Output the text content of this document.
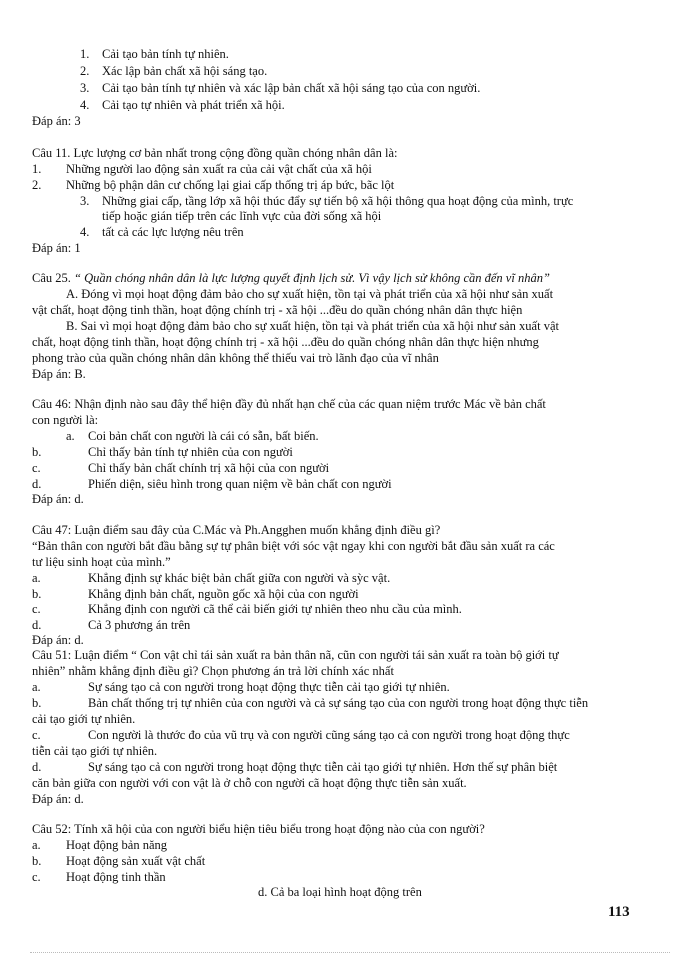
1. Cải tạo bản tính tự nhiên.
2. Xác lập bản chất xã hội sáng tạo.
3. Cải tạo bản tính tự nhiên và xác lập bản chất xã hội sáng tạo của con người.
4. Cải tạo tự nhiên và phát triển xã hội.
Đáp án: 3
Câu 11. Lực lượng cơ bản nhất trong cộng đồng quần chóng nhân dân là:
1. Những người lao động sản xuất ra của cải vật chất của xã hội
2. Những bộ phận dân cư chống lại giai cấp thống trị áp bức, bãc lột
3. Những giai cấp, tầng lớp xã hội thúc đẩy sự tiến bộ xã hội thông qua hoạt động của mình, trực
tiếp hoặc gián tiếp trên các lĩnh vực của đời sống xã hội
4. tất cả các lực lượng nêu trên
Đáp án: 1
Câu 25. “ Quần chóng nhân dân là lực lượng quyết định lịch sử. Vì vậy lịch sử không cần đến vĩ nhân”
A. Đóng vì mọi hoạt động đảm bảo cho sự xuất hiện, tồn tại và phát triển của xã hội như sản xuất
vật chất, hoạt động tinh thần, hoạt động chính trị - xã hội ...đều do quần chóng nhân dân thực hiện
B. Sai vì mọi hoạt động đảm bảo cho sự xuất hiện, tồn tại và phát triển của xã hội như sản xuất vật
chất, hoạt động tinh thần, hoạt động chính trị - xã hội ...đều do quần chóng nhân dân thực hiện nhưng
phong trào của quần chóng nhân dân không thể thiếu vai trò lãnh đạo của vĩ nhân
Đáp án: B.
Câu 46: Nhận định nào sau đây thể hiện đầy đủ nhất hạn chế của các quan niệm trước Mác về bản chất
con người là:
a. Coi bản chất con người là cái có sẵn, bất biến.
b.	Chỉ thấy bản tính tự nhiên của con người
c.	Chỉ thấy bản chất chính trị xã hội của con người
d.	Phiến diện, siêu hình trong quan niệm về bản chất con người
Đáp án: d.
Câu 47: Luận điểm sau đây của C.Mác và Ph.Angghen muốn khẳng định điều gì?
“Bản thân con người bắt đầu bằng sự tự phân biệt với sóc vật ngay khi con người bắt đầu sản xuất ra các
tư liệu sinh hoạt của mình.”
a.	Khẳng định sự khác biệt bản chất giữa con người và sỳc vật.
b.	Khẳng định bản chất, nguồn gốc xã hội của con người
c.	Khẳng định con người cã thể cải biến giới tự nhiên theo nhu cầu của mình.
d.	Cả 3 phương án trên
Đáp án: d.
Câu 51: Luận điểm “ Con vật chỉ tái sản xuất ra bản thân nã, cũn con người tái sản xuất ra toàn bộ giới tự
nhiên” nhằm khẳng định điều gì? Chọn phương án trả lời chính xác nhất
a.	Sự sáng tạo cả con người trong hoạt động thực tiễn cải tạo giới tự nhiên.
b.	Bản chất thống trị tự nhiên của con người và cả sự sáng tạo của con người trong hoạt động thực tiễn
cải tạo giới tự nhiên.
c.	Con người là thước đo của vũ trụ và con người cũng sáng tạo cả con người trong hoạt động thực
tiễn cải tạo giới tự nhiên.
d.	Sự sáng tạo cả con người trong hoạt động thực tiễn cải tạo giới tự nhiên. Hơn thế sự phân biệt
căn bản giữa con người với con vật là ở chỗ con người cã hoạt động thực tiễn sản xuất.
Đáp án: d.
Câu 52: Tính xã hội của con người biểu hiện tiêu biểu trong hoạt động nào của con người?
a. Hoạt động bản năng
b. Hoạt động sản xuất vật chất
c. Hoạt động tinh thần
d. Cả ba loại hình hoạt động trên
113
